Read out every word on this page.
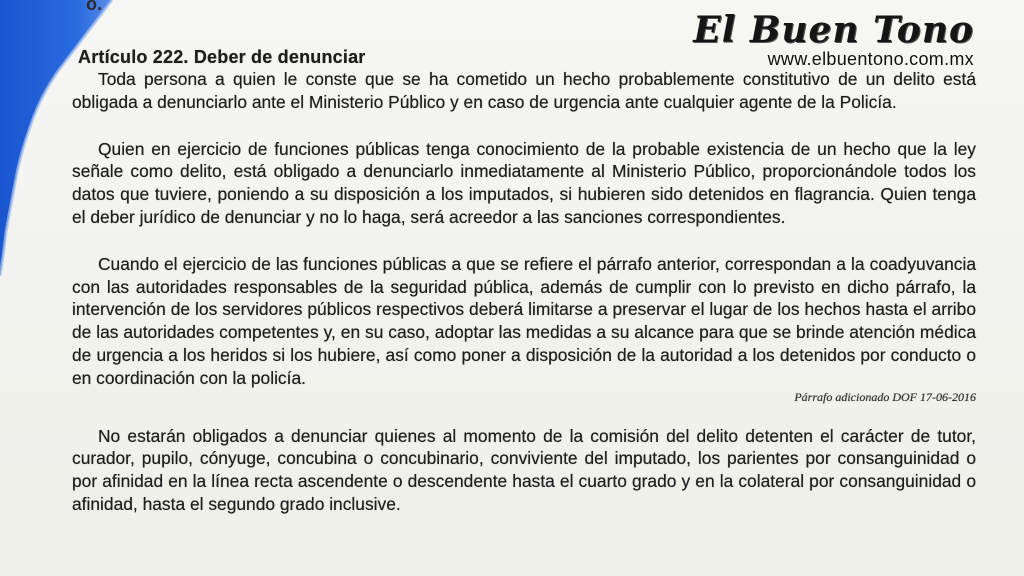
o.
El Buen Tono
www.elbuentono.com.mx
Artículo 222. Deber de denunciar

Toda persona a quien le conste que se ha cometido un hecho probablemente constitutivo de un delito está obligada a denunciarlo ante el Ministerio Público y en caso de urgencia ante cualquier agente de la Policía.

Quien en ejercicio de funciones públicas tenga conocimiento de la probable existencia de un hecho que la ley señale como delito, está obligado a denunciarlo inmediatamente al Ministerio Público, proporcionándole todos los datos que tuviere, poniendo a su disposición a los imputados, si hubieren sido detenidos en flagrancia. Quien tenga el deber jurídico de denunciar y no lo haga, será acreedor a las sanciones correspondientes.

Cuando el ejercicio de las funciones públicas a que se refiere el párrafo anterior, correspondan a la coadyuvancia con las autoridades responsables de la seguridad pública, además de cumplir con lo previsto en dicho párrafo, la intervención de los servidores públicos respectivos deberá limitarse a preservar el lugar de los hechos hasta el arribo de las autoridades competentes y, en su caso, adoptar las medidas a su alcance para que se brinde atención médica de urgencia a los heridos si los hubiere, así como poner a disposición de la autoridad a los detenidos por conducto o en coordinación con la policía.

Párrafo adicionado DOF 17-06-2016

No estarán obligados a denunciar quienes al momento de la comisión del delito detenten el carácter de tutor, curador, pupilo, cónyuge, concubina o concubinario, conviviente del imputado, los parientes por consanguinidad o por afinidad en la línea recta ascendente o descendente hasta el cuarto grado y en la colateral por consanguinidad o afinidad, hasta el segundo grado inclusive.
